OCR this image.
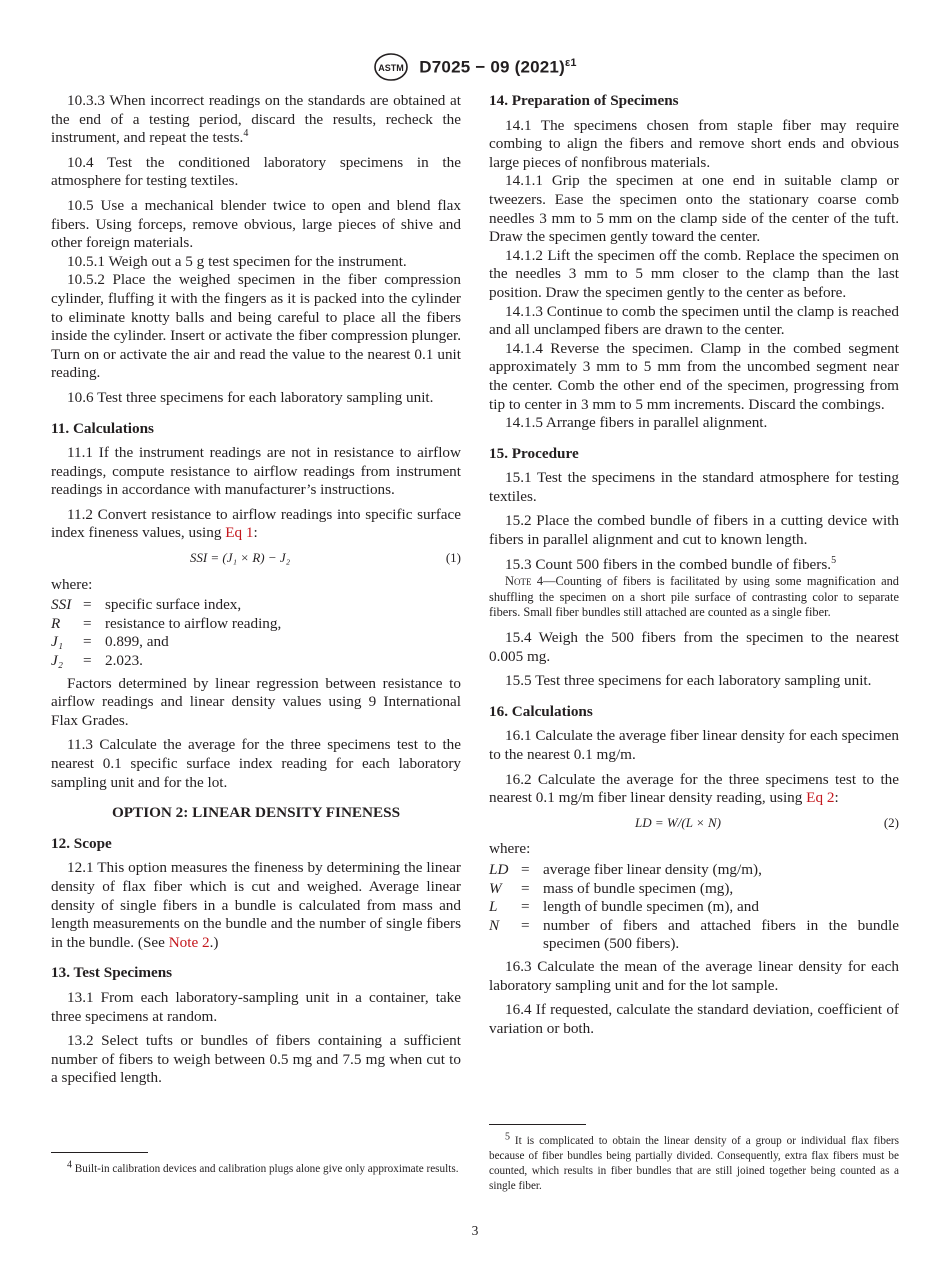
ASTM D7025 − 09 $(2021)^{\varepsilon 1}$

10.3.3 When incorrect readings on the standards are obtained at the end of a testing period, discard the results, recheck the instrument, and repeat the tests.$^4$

10.4 Test the conditioned laboratory specimens in the atmosphere for testing textiles.

10.5 Use a mechanical blender twice to open and blend flax fibers. Using forceps, remove obvious, large pieces of shive and other foreign materials.

10.5.1 Weigh out a 5 g test specimen for the instrument.

10.5.2 Place the weighed specimen in the fiber compression cylinder, fluffing it with the fingers as it is packed into the cylinder to eliminate knotty balls and being careful to place all the fibers inside the cylinder. Insert or activate the fiber compression plunger. Turn on or activate the air and read the value to the nearest 0.1 unit reading.

10.6 Test three specimens for each laboratory sampling unit.

11. Calculations

11.1 If the instrument readings are not in resistance to airflow readings, compute resistance to airflow readings from instrument readings in accordance with manufacturer’s instructions.

11.2 Convert resistance to airflow readings into specific surface index fineness values, using Eq 1:

SSI = (J₁ × R) − J₂	(1)

where:

SSI = specific surface index,
R	= resistance to airflow reading,
J₁	= 0.899, and
J₂	= 2.023.

Factors determined by linear regression between resistance to airflow readings and linear density values using 9 International Flax Grades.

11.3 Calculate the average for the three specimens test to the nearest 0.1 specific surface index reading for each laboratory sampling unit and for the lot.

OPTION 2: LINEAR DENSITY FINENESS
12. Scope

12.1 This option measures the fineness by determining the linear density of flax fiber which is cut and weighed. Average linear density of single fibers in a bundle is calculated from mass and length measurements on the bundle and the number of single fibers in the bundle. (See Note 2.)

13. Test Specimens

13.1 From each laboratory-sampling unit in a container, take three specimens at random.

13.2 Select tufts or bundles of fibers containing a sufficient number of fibers to weigh between 0.5 mg and 7.5 mg when cut to a specified length.

$^4$ Built-in calibration devices and calibration plugs alone give only approximate results.

14. Preparation of Specimens

14.1 The specimens chosen from staple fiber may require combing to align the fibers and remove short ends and obvious large pieces of nonfibrous materials.

14.1.1 Grip the specimen at one end in suitable clamp or tweezers. Ease the specimen onto the stationary coarse comb needles 3 mm to 5 mm on the clamp side of the center of the tuft. Draw the specimen gently toward the center.

14.1.2 Lift the specimen off the comb. Replace the specimen on the needles 3 mm to 5 mm closer to the clamp than the last position. Draw the specimen gently to the center as before.

14.1.3 Continue to comb the specimen until the clamp is reached and all unclamped fibers are drawn to the center.

14.1.4 Reverse the specimen. Clamp in the combed segment approximately 3 mm to 5 mm from the uncombed segment near the center. Comb the other end of the specimen, progressing from tip to center in 3 mm to 5 mm increments. Discard the combings.

14.1.5 Arrange fibers in parallel alignment.

15. Procedure

15.1 Test the specimens in the standard atmosphere for testing textiles.

15.2 Place the combed bundle of fibers in a cutting device with fibers in parallel alignment and cut to known length.

15.3 Count 500 fibers in the combed bundle of fibers.$^5$

Note 4—Counting of fibers is facilitated by using some magnification and shuffling the specimen on a short pile surface of contrasting color to separate fibers. Small fiber bundles still attached are counted as a single fiber.

15.4 Weigh the 500 fibers from the specimen to the nearest 0.005 mg.

15.5 Test three specimens for each laboratory sampling unit.

16. Calculations

16.1 Calculate the average fiber linear density for each specimen to the nearest 0.1 mg/m.

16.2 Calculate the average for the three specimens test to the nearest 0.1 mg/m fiber linear density reading, using Eq 2:

LD = W/(L × N)	(2)

where:

LD = average fiber linear density (mg/m),
W	= mass of bundle specimen (mg),
L	= length of bundle specimen (m), and
N	= number of fibers and attached fibers in the bundle specimen (500 fibers).

16.3 Calculate the mean of the average linear density for each laboratory sampling unit and for the lot sample.

16.4 If requested, calculate the standard deviation, coefficient of variation or both.

$^5$ It is complicated to obtain the linear density of a group or individual flax fibers because of fiber bundles being partially divided. Consequently, extra flax fibers must be counted, which results in fiber bundles that are still joined together being counted as a single fiber.

3
